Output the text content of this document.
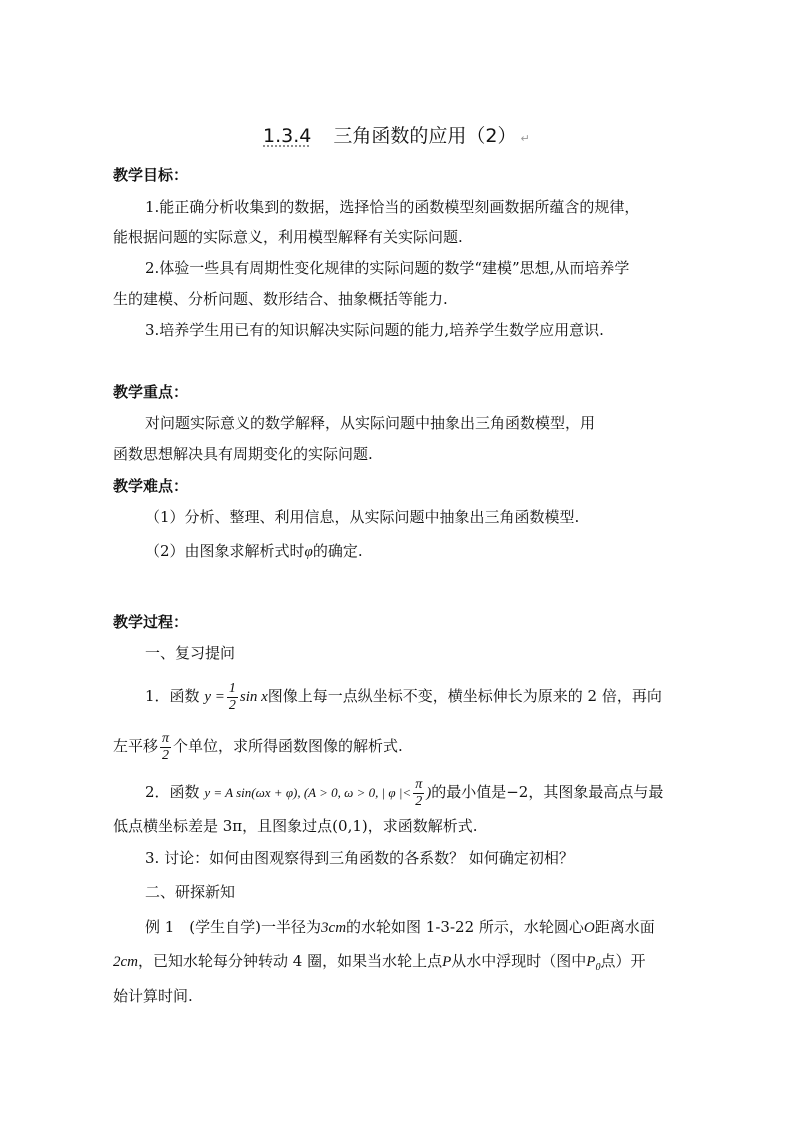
1.3.4 三角函数的应用（2） ↵
教学目标：
1.能正确分析收集到的数据，选择恰当的函数模型刻画数据所蕴含的规律，
能根据问题的实际意义，利用模型解释有关实际问题.
2.体验一些具有周期性变化规律的实际问题的数学“建模”思想,从而培养学
生的建模、分析问题、数形结合、抽象概括等能力.
3.培养学生用已有的知识解决实际问题的能力,培养学生数学应用意识.
教学重点：
对问题实际意义的数学解释，从实际问题中抽象出三角函数模型，用
函数思想解决具有周期变化的实际问题.
教学难点：
（1）分析、整理、利用信息，从实际问题中抽象出三角函数模型.
（2）由图象求解析式时φ的确定.
教学过程：
一、复习提问
1．函数 $y = \frac{1}{2}$ sin x图像上每一点纵坐标不变，横坐标伸长为原来的 2 倍，再向
左平移 $\frac{\pi}{2}$ 个单位，求所得函数图像的解析式.
2．函数 y = A sin(ωx + φ), (A > 0, ω > 0, | φ |< $\frac{\pi}{2}$ )的最小值是−2，其图象最高点与最
低点横坐标差是 3π，且图象过点(0,1)，求函数解析式.
3. 讨论：如何由图观察得到三角函数的各系数？ 如何确定初相？
二、研探新知
例 1　(学生自学)一半径为3cm的水轮如图 1-3-22 所示，水轮圆心O距离水面
2cm，已知水轮每分钟转动 4 圈，如果当水轮上点P从水中浮现时（图中$P_0$点）开
始计算时间.
